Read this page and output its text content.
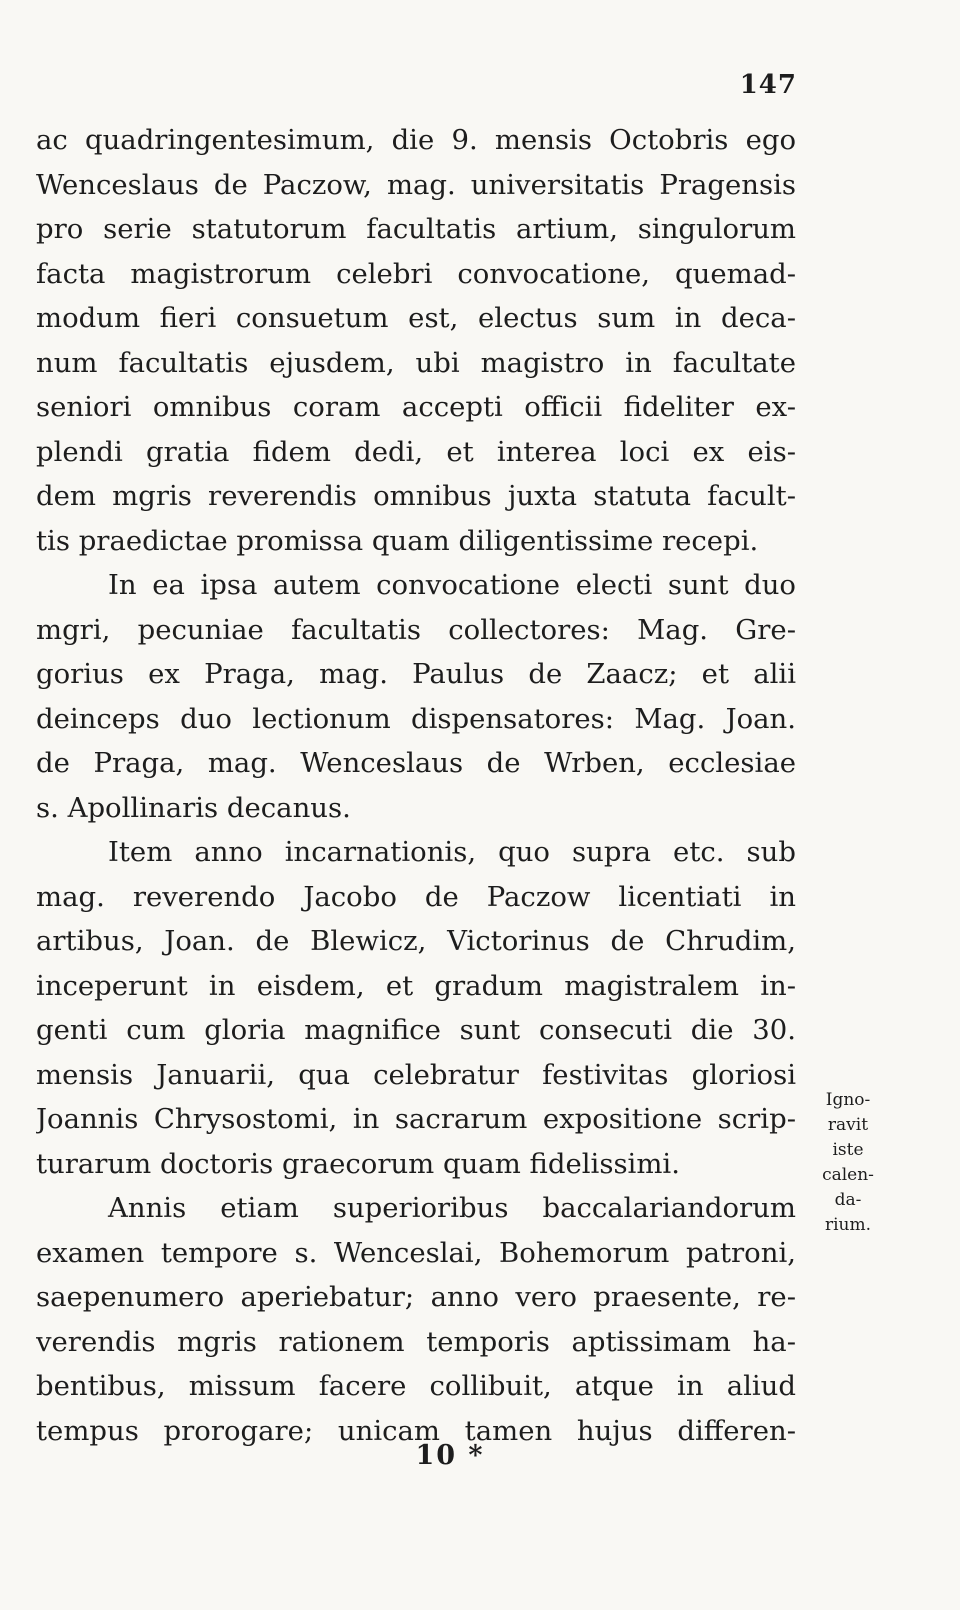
147
ac quadringentesimum, die 9. mensis Octobris ego
Wenceslaus de Paczow, mag. universitatis Pragensis
pro serie statutorum facultatis artium, singulorum
facta magistrorum celebri convocatione, quemad-
modum fieri consuetum est, electus sum in deca-
num facultatis ejusdem, ubi magistro in facultate
seniori omnibus coram accepti officii fideliter ex-
plendi gratia fidem dedi, et interea loci ex eis-
dem mgris reverendis omnibus juxta statuta facult-
tis praedictae promissa quam diligentissime recepi.
In ea ipsa autem convocatione electi sunt duo
mgri, pecuniae facultatis collectores: Mag. Gre-
gorius ex Praga, mag. Paulus de Zaacz; et alii
deinceps duo lectionum dispensatores: Mag. Joan.
de Praga, mag. Wenceslaus de Wrben, ecclesiae
s. Apollinaris decanus.
Item anno incarnationis, quo supra etc. sub
mag. reverendo Jacobo de Paczow licentiati in
artibus, Joan. de Blewicz, Victorinus de Chrudim,
inceperunt in eisdem, et gradum magistralem in-
genti cum gloria magnifice sunt consecuti die 30.
mensis Januarii, qua celebratur festivitas gloriosi
Joannis Chrysostomi, in sacrarum expositione scrip-
turarum doctoris graecorum quam fidelissimi.
Annis etiam superioribus baccalariandorum
examen tempore s. Wenceslai, Bohemorum patroni,
saepenumero aperiebatur; anno vero praesente, re-
verendis mgris rationem temporis aptissimam ha-
bentibus, missum facere collibuit, atque in aliud
tempus prorogare; unicam tamen hujus differen-
Igno-
ravit
iste
calen-
da-
rium.
10 *
